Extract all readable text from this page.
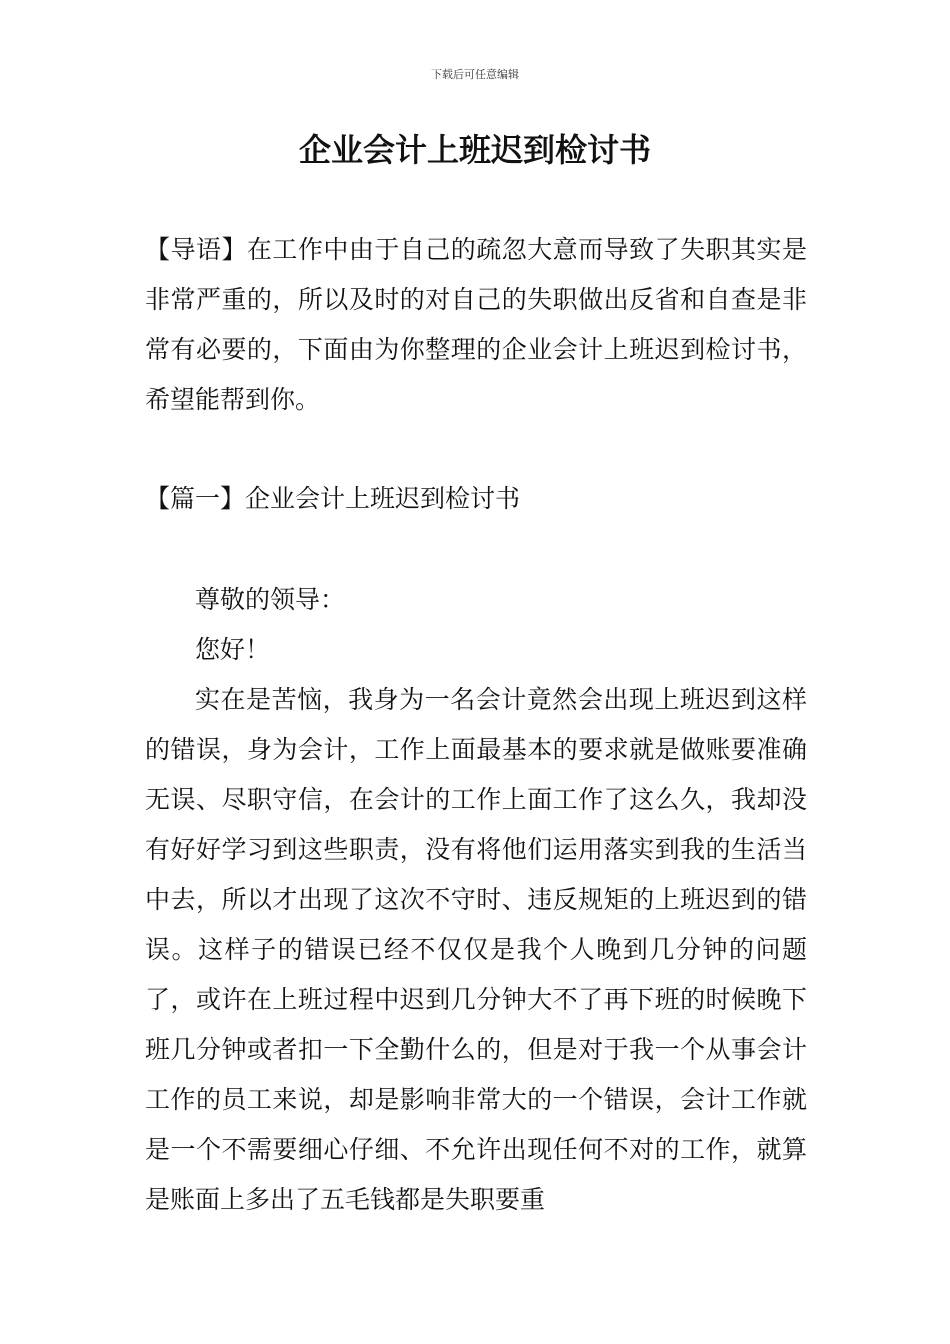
下载后可任意编辑
企业会计上班迟到检讨书

【导语】在工作中由于自己的疏忽大意而导致了失职其实是非常严重的，所以及时的对自己的失职做出反省和自查是非常有必要的，下面由为你整理的企业会计上班迟到检讨书，希望能帮到你。

【篇一】企业会计上班迟到检讨书

尊敬的领导：

您好！

实在是苦恼，我身为一名会计竟然会出现上班迟到这样的错误，身为会计，工作上面最基本的要求就是做账要准确无误、尽职守信，在会计的工作上面工作了这么久，我却没有好好学习到这些职责，没有将他们运用落实到我的生活当中去，所以才出现了这次不守时、违反规矩的上班迟到的错误。这样子的错误已经不仅仅是我个人晚到几分钟的问题了，或许在上班过程中迟到几分钟大不了再下班的时候晚下班几分钟或者扣一下全勤什么的，但是对于我一个从事会计工作的员工来说，却是影响非常大的一个错误，会计工作就是一个不需要细心仔细、不允许出现任何不对的工作，就算是账面上多出了五毛钱都是失职要重
